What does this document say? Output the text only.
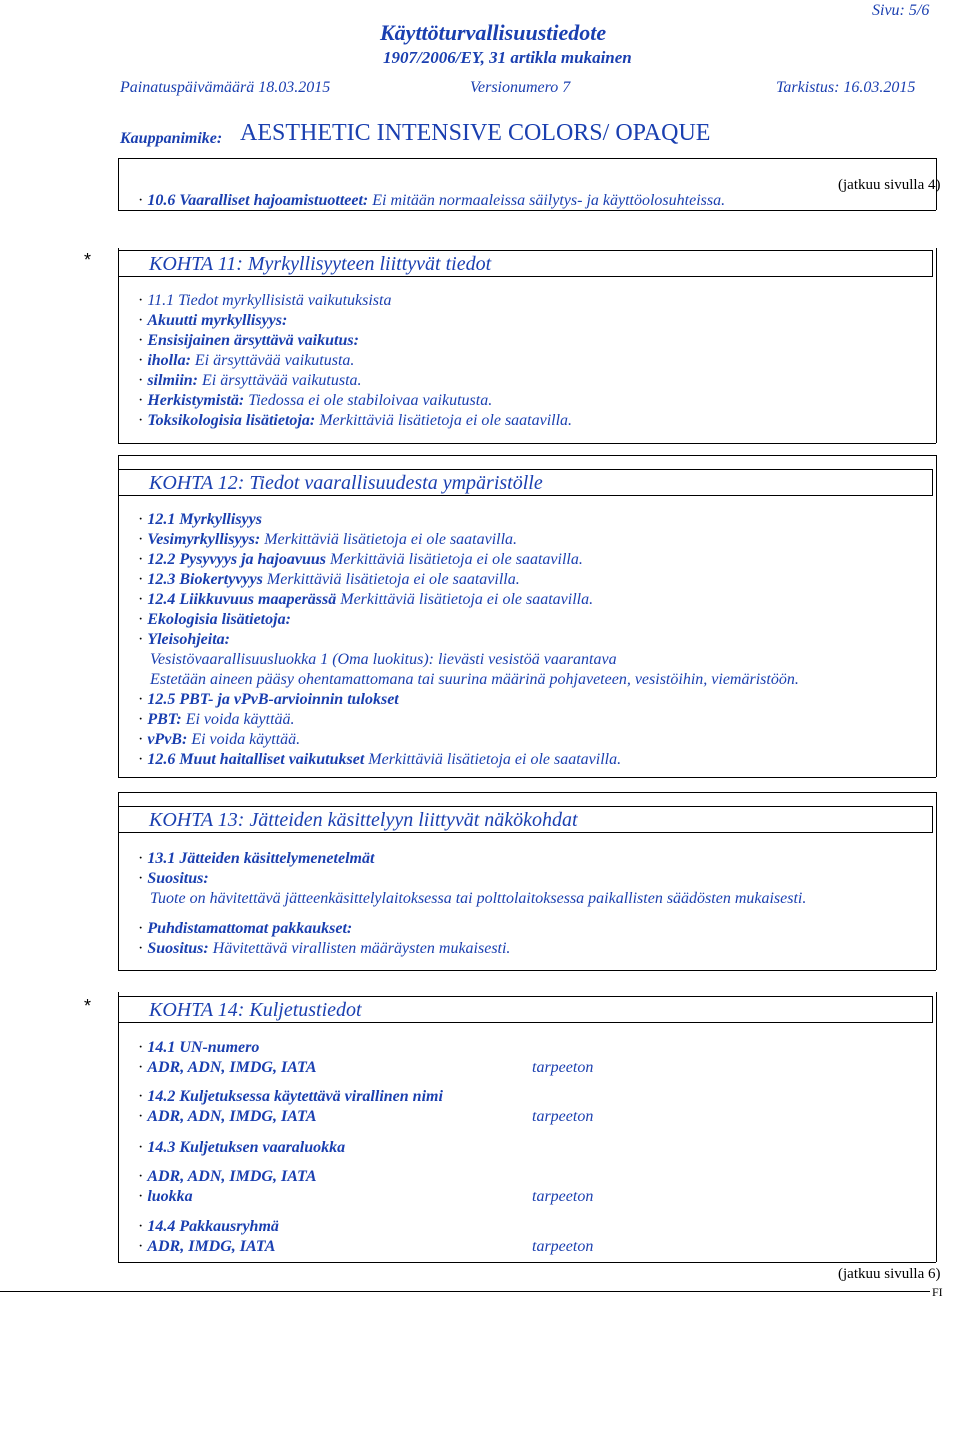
Sivu: 5/6
Käyttöturvallisuustiedote
1907/2006/EY, 31 artikla mukainen
Painatuspäivämäärä 18.03.2015	Versionumero 7	Tarkistus: 16.03.2015
Kauppanimike: AESTHETIC INTENSIVE COLORS/ OPAQUE
(jatkuu sivulla 4)
· 10.6 Vaaralliset hajoamistuotteet: Ei mitään normaaleissa säilytys- ja käyttöolosuhteissa.
*	KOHTA 11: Myrkyllisyyteen liittyvät tiedot
· 11.1 Tiedot myrkyllisistä vaikutuksista
· Akuutti myrkyllisyys:
· Ensisijainen ärsyttävä vaikutus:
· iholla: Ei ärsyttävää vaikutusta.
· silmiin: Ei ärsyttävää vaikutusta.
· Herkistymistä: Tiedossa ei ole stabiloivaa vaikutusta.
· Toksikologisia lisätietoja: Merkittäviä lisätietoja ei ole saatavilla.
KOHTA 12: Tiedot vaarallisuudesta ympäristölle
· 12.1 Myrkyllisyys
· Vesimyrkyllisyys: Merkittäviä lisätietoja ei ole saatavilla.
· 12.2 Pysyvyys ja hajoavuus Merkittäviä lisätietoja ei ole saatavilla.
· 12.3 Biokertyvyys Merkittäviä lisätietoja ei ole saatavilla.
· 12.4 Liikkuvuus maaperässä Merkittäviä lisätietoja ei ole saatavilla.
· Ekologisia lisätietoja:
· Yleisohjeita:
Vesistövaarallisuusluokka 1 (Oma luokitus): lievästi vesistöä vaarantava
Estetään aineen pääsy ohentamattomana tai suurina määrinä pohjaveteen, vesistöihin, viemäristöön.
· 12.5 PBT- ja vPvB-arvioinnin tulokset
· PBT: Ei voida käyttää.
· vPvB: Ei voida käyttää.
· 12.6 Muut haitalliset vaikutukset Merkittäviä lisätietoja ei ole saatavilla.
KOHTA 13: Jätteiden käsittelyyn liittyvät näkökohdat
· 13.1 Jätteiden käsittelymenetelmät
· Suositus:
Tuote on hävitettävä jätteenkäsittelylaitoksessa tai polttolaitoksessa paikallisten säädösten mukaisesti.
· Puhdistamattomat pakkaukset:
· Suositus: Hävitettävä virallisten määräysten mukaisesti.
*	KOHTA 14: Kuljetustiedot
· 14.1 UN-numero
· ADR, ADN, IMDG, IATA	tarpeeton
· 14.2 Kuljetuksessa käytettävä virallinen nimi
· ADR, ADN, IMDG, IATA	tarpeeton
· 14.3 Kuljetuksen vaaraluokka
· ADR, ADN, IMDG, IATA
· luokka	tarpeeton
· 14.4 Pakkausryhmä
· ADR, IMDG, IATA	tarpeeton
(jatkuu sivulla 6)
FI
